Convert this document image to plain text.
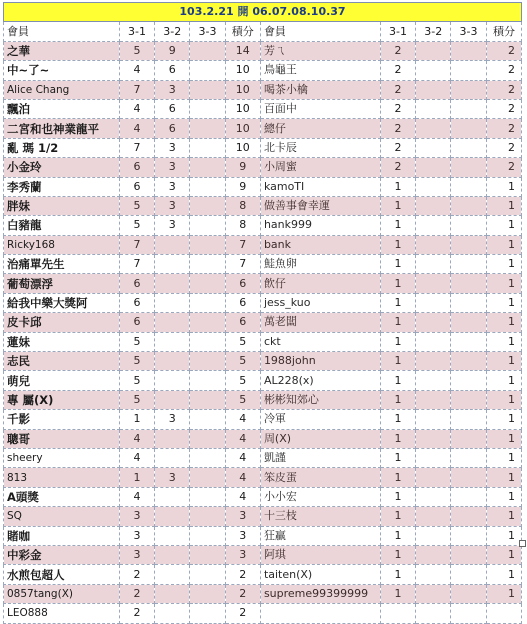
103.2.21 開 06.07.08.10.37									
會員	3-1	3-2	3-3	積分	會員	3-1	3-2	3-3	積分
之華	5	9		14	芳ㄟ	2			2
中~了~	4	6		10	鳥龜王	2			2
Alice Chang	7	3		10	喝茶小檎	2			2
飄泊	4	6		10	百面中	2			2
二宮和也神業龍平	4	6		10	總仔	2			2
亂 瑪 1/2	7	3		10	北卡辰	2			2
小金玲	6	3		9	小周蜜	2			2
李秀蘭	6	3		9	kamoTI	1			1
胖妹	5	3		8	做善事會幸運	1			1
白豬龍	5	3		8	hank999	1			1
Ricky168	7			7	bank	1			1
治痛單先生	7			7	鮭魚卵	1			1
葡萄漂浮	6			6	飲仔	1			1
給我中樂大獎阿	6			6	jess_kuo	1			1
皮卡邱	6			6	萬老闆	1			1
蓮妹	5			5	ckt	1			1
志民	5			5	1988john	1			1
萌兒	5			5	AL228(x)	1			1
專 屬(X)	5			5	彬彬知郊心	1			1
千影	1	3		4	冷軍	1			1
聰哥	4			4	周(X)	1			1
sheery	4			4	凱謹	1			1
813	1	3		4	笨皮蛋	1			1
A頭獎	4			4	小小宏	1			1
SQ	3			3	十三枝	1			1
賭咖	3			3	狂贏	1			1
中彩金	3			3	阿琪	1			1
水煎包超人	2			2	taiten(X)	1			1
0857tang(X)	2			2	supreme99399999	1			1
LEO888	2			2					
